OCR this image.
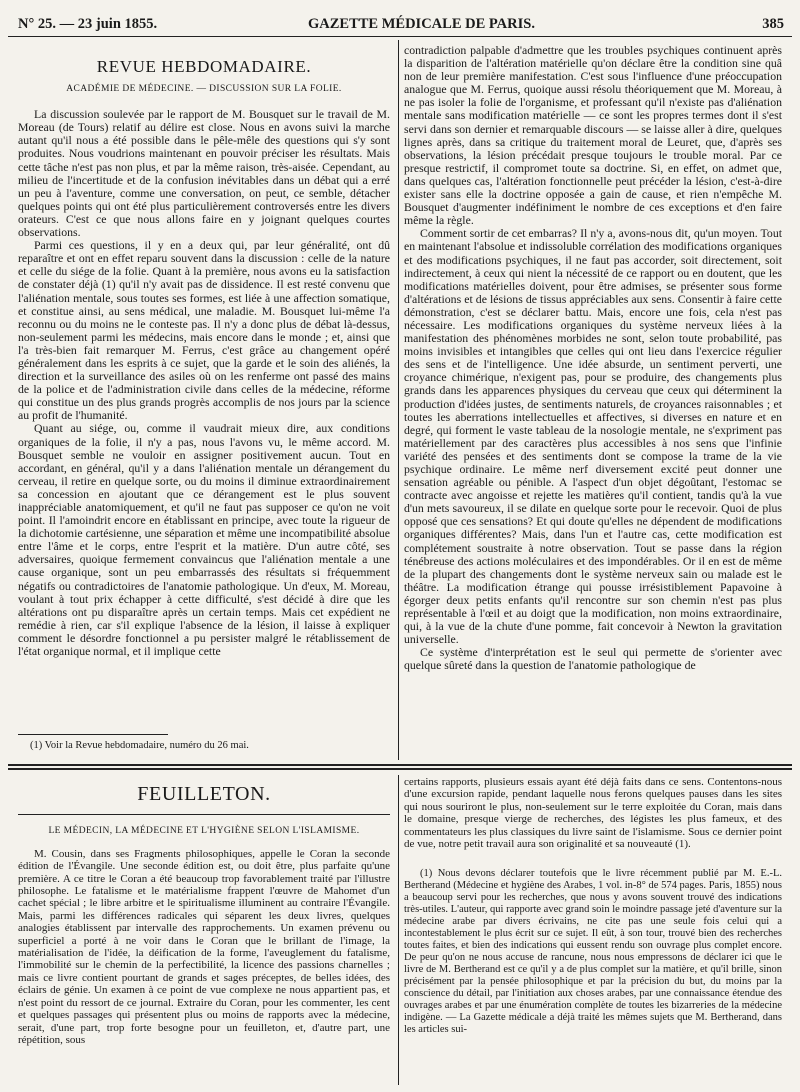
N° 25. — 23 juin 1855.	GAZETTE MÉDICALE DE PARIS.	385
REVUE HEBDOMADAIRE.
ACADÉMIE DE MÉDECINE. — DISCUSSION SUR LA FOLIE.

La discussion soulevée par le rapport de M. Bousquet sur le travail de M. Moreau (de Tours) relatif au délire est close. Nous en avons suivi la marche autant qu'il nous a été possible dans le pêle-mêle des questions qui s'y sont produites. Nous voudrions maintenant en pouvoir préciser les résultats. Mais cette tâche n'est pas non plus, et par la même raison, très-aisée. Cependant, au milieu de l'incertitude et de la confusion inévitables dans un débat qui a erré un peu à l'aventure, comme une conversation, on peut, ce semble, détacher quelques points qui ont été plus particulièrement controversés entre les divers orateurs. C'est ce que nous allons faire en y joignant quelques courtes observations.

Parmi ces questions, il y en a deux qui, par leur généralité, ont dû reparaître et ont en effet reparu souvent dans la discussion : celle de la nature et celle du siége de la folie. Quant à la première, nous avons eu la satisfaction de constater déjà (1) qu'il n'y avait pas de dissidence. Il est resté convenu que l'aliénation mentale, sous toutes ses formes, est liée à une affection somatique, et constitue ainsi, au sens médical, une maladie. M. Bousquet lui-même l'a reconnu ou du moins ne le conteste pas. Il n'y a donc plus de débat là-dessus, non-seulement parmi les médecins, mais encore dans le monde ; et, ainsi que l'a très-bien fait remarquer M. Ferrus, c'est grâce au changement opéré généralement dans les esprits à ce sujet, que la garde et le soin des aliénés, la direction et la surveillance des asiles où on les renferme ont passé des mains de la police et de l'administration civile dans celles de la médecine, réforme qui constitue un des plus grands progrès accomplis de nos jours par la science au profit de l'humanité.

Quant au siége, ou, comme il vaudrait mieux dire, aux conditions organiques de la folie, il n'y a pas, nous l'avons vu, le même accord. M. Bousquet semble ne vouloir en assigner positivement aucun. Tout en accordant, en général, qu'il y a dans l'aliénation mentale un dérangement du cerveau, il retire en quelque sorte, ou du moins il diminue extraordinairement sa concession en ajoutant que ce dérangement est le plus souvent inappréciable anatomiquement, et qu'il ne faut pas supposer ce qu'on ne voit point. Il l'amoindrit encore en établissant en principe, avec toute la rigueur de la dichotomie cartésienne, une séparation et même une incompatibilité absolue entre l'âme et le corps, entre l'esprit et la matière. D'un autre côté, ses adversaires, quoique fermement convaincus que l'aliénation mentale a une cause organique, sont un peu embarrassés des résultats si fréquemment négatifs ou contradictoires de l'anatomie pathologique. Un d'eux, M. Moreau, voulant à tout prix échapper à cette difficulté, s'est décidé à dire que les altérations ont pu disparaître après un certain temps. Mais cet expédient ne remédie à rien, car s'il explique l'absence de la lésion, il laisse à expliquer comment le désordre fonctionnel a pu persister malgré le rétablissement de l'état organique normal, et il implique cette

(1) Voir la Revue hebdomadaire, numéro du 26 mai.

contradiction palpable d'admettre que les troubles psychiques continuent après la disparition de l'altération matérielle qu'on déclare être la condition sine quâ non de leur première manifestation. C'est sous l'influence d'une préoccupation analogue que M. Ferrus, quoique aussi résolu théoriquement que M. Moreau, à ne pas isoler la folie de l'organisme, et professant qu'il n'existe pas d'aliénation mentale sans modification matérielle — ce sont les propres termes dont il s'est servi dans son dernier et remarquable discours — se laisse aller à dire, quelques lignes après, dans sa critique du traitement moral de Leuret, que, d'après ses observations, la lésion précédait presque toujours le trouble moral. Par ce presque restrictif, il compromet toute sa doctrine. Si, en effet, on admet que, dans quelques cas, l'altération fonctionnelle peut précéder la lésion, c'est-à-dire exister sans elle la doctrine opposée a gain de cause, et rien n'empêche M. Bousquet d'augmenter indéfiniment le nombre de ces exceptions et d'en faire même la règle.

Comment sortir de cet embarras? Il n'y a, avons-nous dit, qu'un moyen. Tout en maintenant l'absolue et indissoluble corrélation des modifications organiques et des modifications psychiques, il ne faut pas accorder, soit directement, soit indirectement, à ceux qui nient la nécessité de ce rapport ou en doutent, que les modifications matérielles doivent, pour être admises, se présenter sous forme d'altérations et de lésions de tissus appréciables aux sens. Consentir à faire cette démonstration, c'est se déclarer battu. Mais, encore une fois, cela n'est pas nécessaire. Les modifications organiques du système nerveux liées à la manifestation des phénomènes morbides ne sont, selon toute probabilité, pas moins invisibles et intangibles que celles qui ont lieu dans l'exercice régulier des sens et de l'intelligence. Une idée absurde, un sentiment perverti, une croyance chimérique, n'exigent pas, pour se produire, des changements plus grands dans les apparences physiques du cerveau que ceux qui déterminent la production d'idées justes, de sentiments naturels, de croyances raisonnables ; et toutes les aberrations intellectuelles et affectives, si diverses en nature et en degré, qui forment le vaste tableau de la nosologie mentale, ne s'expriment pas matériellement par des caractères plus accessibles à nos sens que l'infinie variété des pensées et des sentiments dont se compose la trame de la vie psychique ordinaire. Le même nerf diversement excité peut donner une sensation agréable ou pénible. A l'aspect d'un objet dégoûtant, l'estomac se contracte avec angoisse et rejette les matières qu'il contient, tandis qu'à la vue d'un mets savoureux, il se dilate en quelque sorte pour le recevoir. Quoi de plus opposé que ces sensations? Et qui doute qu'elles ne dépendent de modifications organiques différentes? Mais, dans l'un et l'autre cas, cette modification est complétement soustraite à notre observation. Tout se passe dans la région ténébreuse des actions moléculaires et des impondérables. Or il en est de même de la plupart des changements dont le système nerveux sain ou malade est le théâtre. La modification étrange qui pousse irrésistiblement Papavoine à égorger deux petits enfants qu'il rencontre sur son chemin n'est pas plus représentable à l'œil et au doigt que la modification, non moins extraordinaire, qui, à la vue de la chute d'une pomme, fait concevoir à Newton la gravitation universelle.

Ce système d'interprétation est le seul qui permette de s'orienter avec quelque sûreté dans la question de l'anatomie pathologique de

FEUILLETON.
LE MÉDECIN, LA MÉDECINE ET L'HYGIÈNE SELON L'ISLAMISME.

M. Cousin, dans ses Fragments philosophiques, appelle le Coran la seconde édition de l'Évangile. Une seconde édition est, ou doit être, plus parfaite qu'une première. A ce titre le Coran a été beaucoup trop favorablement traité par l'illustre philosophe. Le fatalisme et le matérialisme frappent l'œuvre de Mahomet d'un cachet spécial ; le libre arbitre et le spiritualisme illuminent au contraire l'Évangile. Mais, parmi les différences radicales qui séparent les deux livres, quelques analogies établissent par intervalle des rapprochements. Un examen prévenu ou superficiel a porté à ne voir dans le Coran que le brillant de l'image, la matérialisation de l'idée, la déification de la forme, l'aveuglement du fatalisme, l'immobilité sur le chemin de la perfectibilité, la licence des passions charnelles ; mais ce livre contient pourtant de grands et sages préceptes, de belles idées, des éclairs de génie. Un examen à ce point de vue complexe ne nous appartient pas, et n'est point du ressort de ce journal. Extraire du Coran, pour les commenter, les cent et quelques passages qui présentent plus ou moins de rapports avec la médecine, serait, d'une part, trop forte besogne pour un feuilleton, et, d'autre part, une répétition, sous

certains rapports, plusieurs essais ayant été déjà faits dans ce sens. Contentons-nous d'une excursion rapide, pendant laquelle nous ferons quelques pauses dans les sites qui nous souriront le plus, non-seulement sur le terre exploitée du Coran, mais dans le domaine, presque vierge de recherches, des légistes les plus fameux, et des commentateurs les plus classiques du livre saint de l'islamisme. Sous ce dernier point de vue, notre petit travail aura son originalité et sa nouveauté (1).

(1) Nous devons déclarer toutefois que le livre récemment publié par M. E.-L. Bertherand (Médecine et hygiène des Arabes, 1 vol. in-8° de 574 pages. Paris, 1855) nous a beaucoup servi pour les recherches, que nous y avons souvent trouvé des indications très-utiles. L'auteur, qui rapporte avec grand soin le moindre passage jeté d'aventure sur la médecine arabe par divers écrivains, ne cite pas une seule fois celui qui a incontestablement le plus écrit sur ce sujet. Il eût, à son tour, trouvé bien des recherches toutes faites, et bien des indications qui eussent rendu son ouvrage plus complet encore. De peur qu'on ne nous accuse de rancune, nous nous empressons de déclarer ici que le livre de M. Bertherand est ce qu'il y a de plus complet sur la matière, et qu'il brille, sinon précisément par la pensée philosophique et par la précision du but, du moins par la conscience du détail, par l'initiation aux choses arabes, par une connaissance étendue des ouvrages arabes et par une énumération complète de toutes les bizarreries de la médecine indigène. — La Gazette médicale a déjà traité les mêmes sujets que M. Bertherand, dans les articles sui-
